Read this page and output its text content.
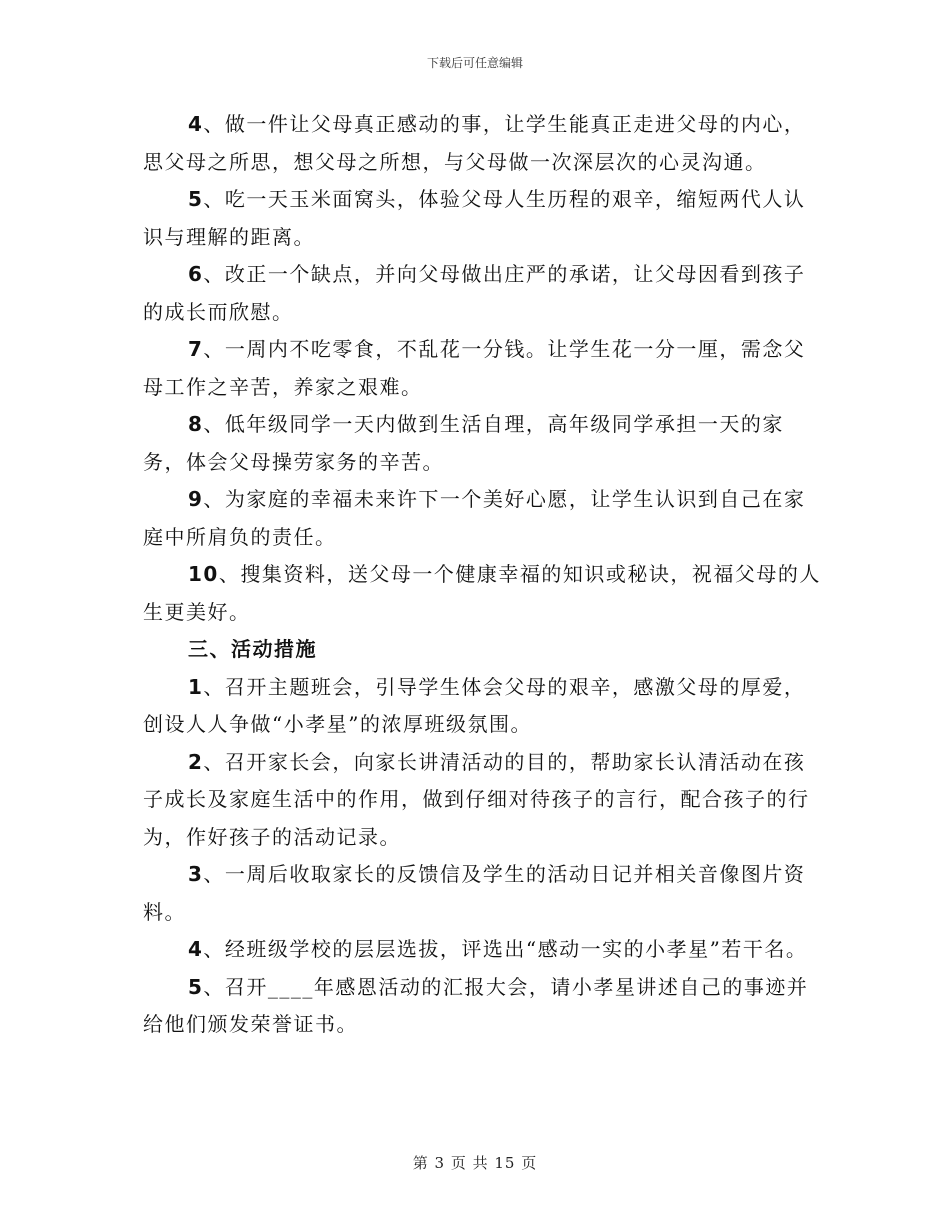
下载后可任意编辑

4、做一件让父母真正感动的事，让学生能真正走进父母的内心，思父母之所思，想父母之所想，与父母做一次深层次的心灵沟通。

5、吃一天玉米面窝头，体验父母人生历程的艰辛，缩短两代人认识与理解的距离。

6、改正一个缺点，并向父母做出庄严的承诺，让父母因看到孩子的成长而欣慰。

7、一周内不吃零食，不乱花一分钱。让学生花一分一厘，需念父母工作之辛苦，养家之艰难。

8、低年级同学一天内做到生活自理，高年级同学承担一天的家务，体会父母操劳家务的辛苦。

9、为家庭的幸福未来许下一个美好心愿，让学生认识到自己在家庭中所肩负的责任。

10、搜集资料，送父母一个健康幸福的知识或秘诀，祝福父母的人生更美好。

三、活动措施

1、召开主题班会，引导学生体会父母的艰辛，感激父母的厚爱，创设人人争做“小孝星”的浓厚班级氛围。

2、召开家长会，向家长讲清活动的目的，帮助家长认清活动在孩子成长及家庭生活中的作用，做到仔细对待孩子的言行，配合孩子的行为，作好孩子的活动记录。

3、一周后收取家长的反馈信及学生的活动日记并相关音像图片资料。

4、经班级学校的层层选拔，评选出“感动一实的小孝星”若干名。

5、召开____年感恩活动的汇报大会，请小孝星讲述自己的事迹并给他们颁发荣誉证书。

第 3 页 共 15 页
